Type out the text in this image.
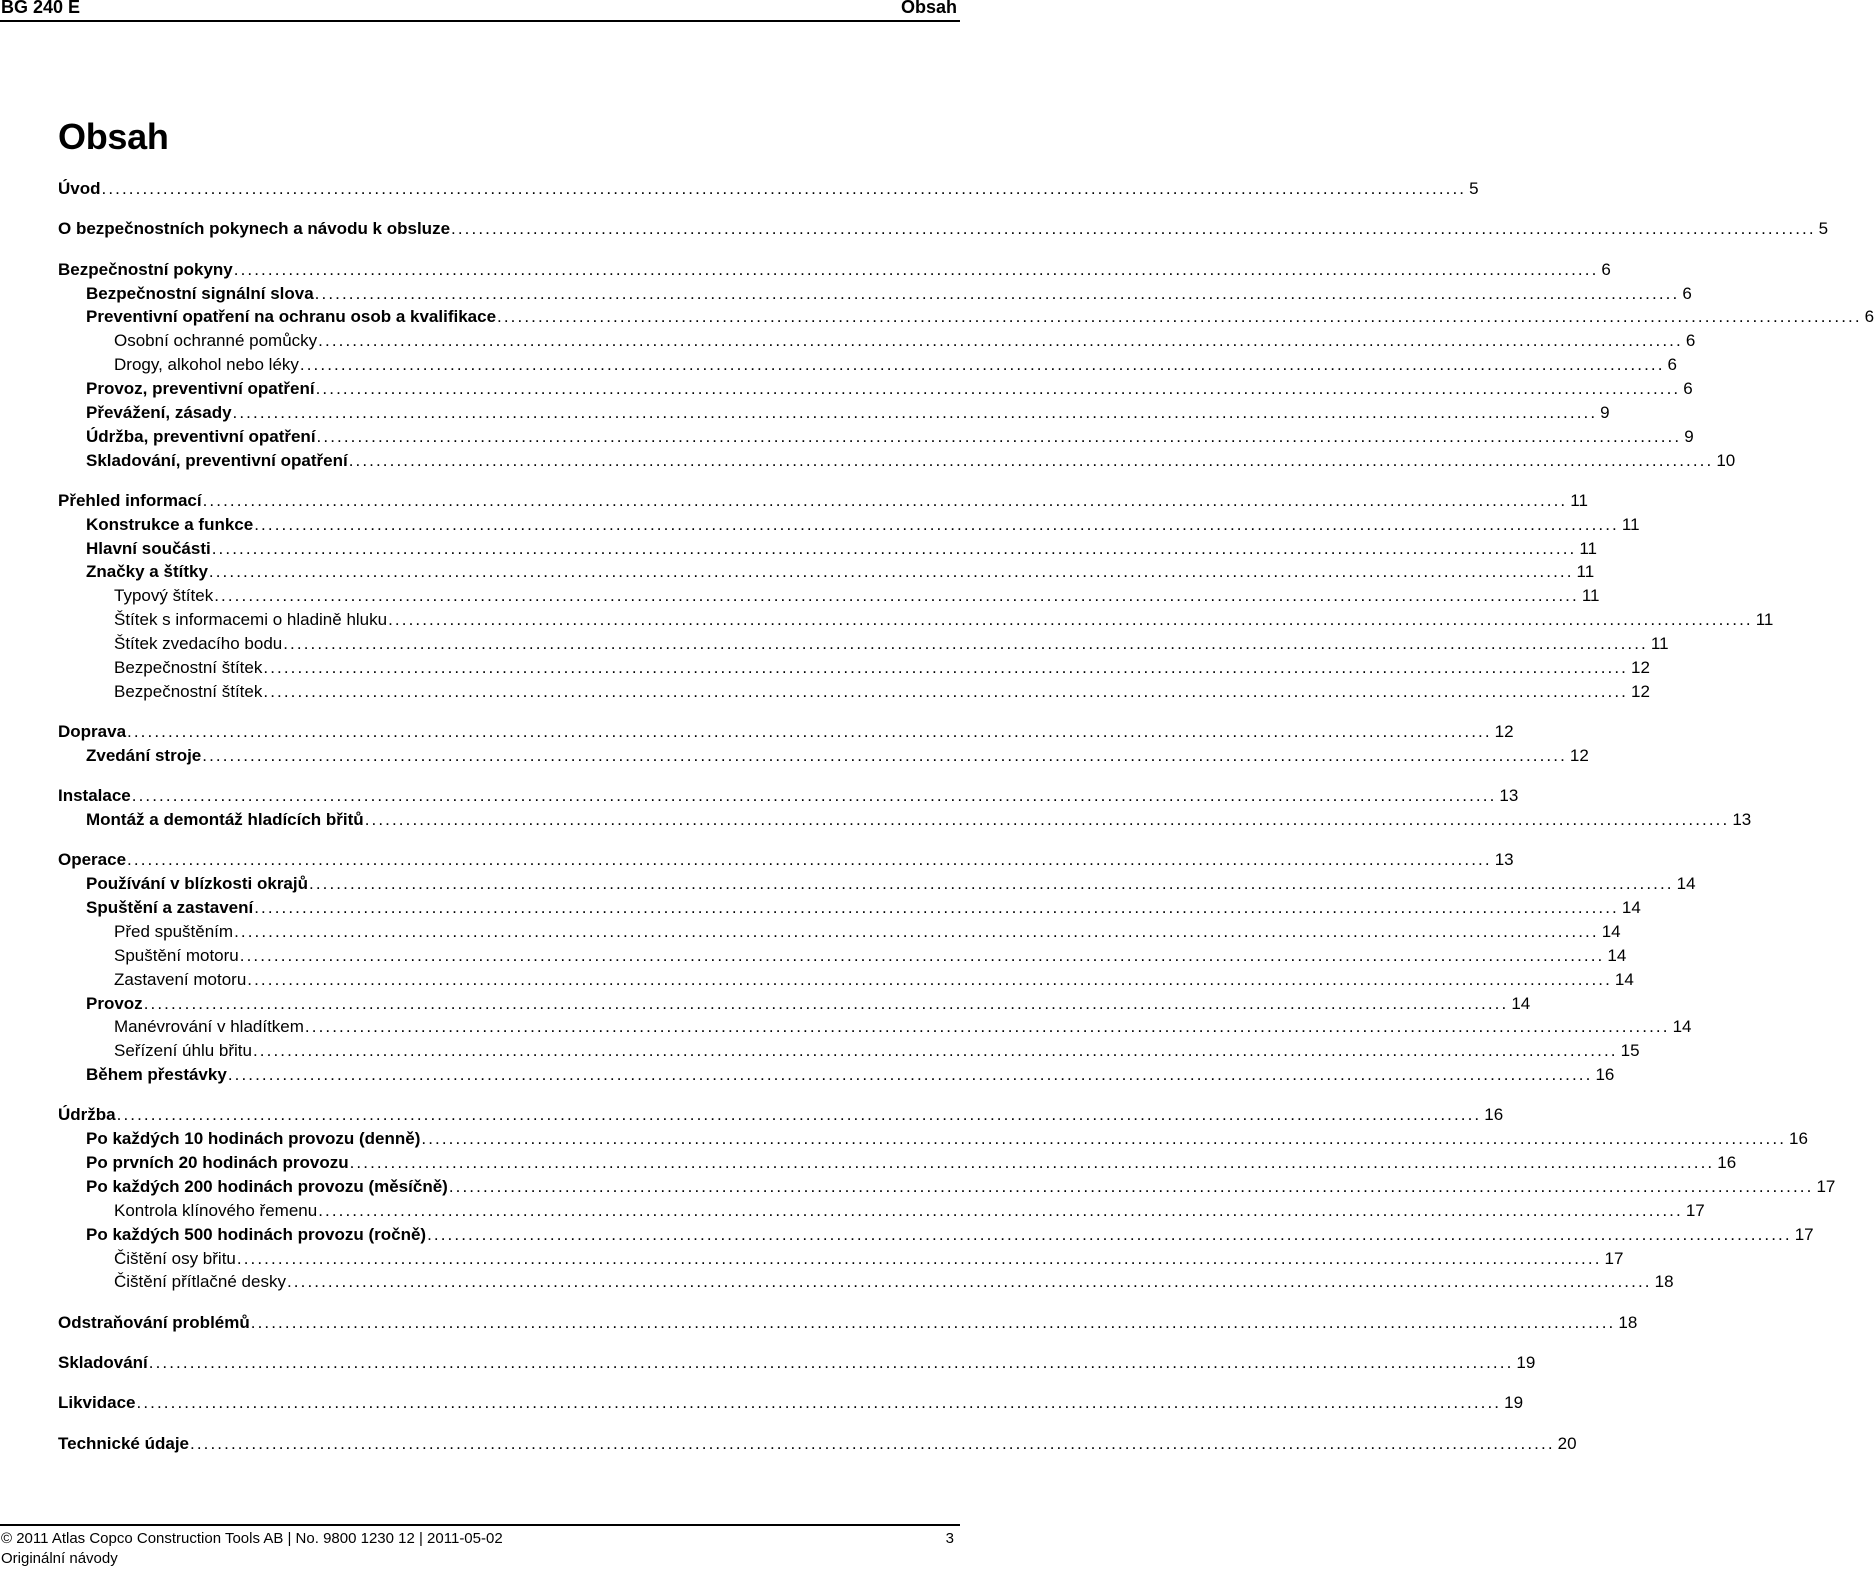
BG 240 E	Obsah
Obsah
Úvod ........................................................................................................................................................................................................ 5
O bezpečnostních pokynech a návodu k obsluze ........................................................................................................................................................................................................ 5
Bezpečnostní pokyny ........................................................................................................................................................................................................ 6
Bezpečnostní signální slova ........................................................................................................................................................................................................ 6
Preventivní opatření na ochranu osob a kvalifikace ........................................................................................................................................................................................................ 6
Osobní ochranné pomůcky ........................................................................................................................................................................................................ 6
Drogy, alkohol nebo léky ........................................................................................................................................................................................................ 6
Provoz, preventivní opatření ........................................................................................................................................................................................................ 6
Převážení, zásady ........................................................................................................................................................................................................ 9
Údržba, preventivní opatření ........................................................................................................................................................................................................ 9
Skladování, preventivní opatření ........................................................................................................................................................................................................ 10
Přehled informací ........................................................................................................................................................................................................ 11
Konstrukce a funkce ........................................................................................................................................................................................................ 11
Hlavní součásti ........................................................................................................................................................................................................ 11
Značky a štítky ........................................................................................................................................................................................................ 11
Typový štítek ........................................................................................................................................................................................................ 11
Štítek s informacemi o hladině hluku ........................................................................................................................................................................................................ 11
Štítek zvedacího bodu ........................................................................................................................................................................................................ 11
Bezpečnostní štítek ........................................................................................................................................................................................................ 12
Bezpečnostní štítek ........................................................................................................................................................................................................ 12
Doprava ........................................................................................................................................................................................................ 12
Zvedání stroje ........................................................................................................................................................................................................ 12
Instalace ........................................................................................................................................................................................................ 13
Montáž a demontáž hladících břitů ........................................................................................................................................................................................................ 13
Operace ........................................................................................................................................................................................................ 13
Používání v blízkosti okrajů ........................................................................................................................................................................................................ 14
Spuštění a zastavení ........................................................................................................................................................................................................ 14
Před spuštěním ........................................................................................................................................................................................................ 14
Spuštění motoru ........................................................................................................................................................................................................ 14
Zastavení motoru ........................................................................................................................................................................................................ 14
Provoz ........................................................................................................................................................................................................ 14
Manévrování v hladítkem ........................................................................................................................................................................................................ 14
Seřízení úhlu břitu ........................................................................................................................................................................................................ 15
Během přestávky ........................................................................................................................................................................................................ 16
Údržba ........................................................................................................................................................................................................ 16
Po každých 10 hodinách provozu (denně) ........................................................................................................................................................................................................ 16
Po prvních 20 hodinách provozu ........................................................................................................................................................................................................ 16
Po každých 200 hodinách provozu (měsíčně) ........................................................................................................................................................................................................ 17
Kontrola klínového řemenu ........................................................................................................................................................................................................ 17
Po každých 500 hodinách provozu (ročně) ........................................................................................................................................................................................................ 17
Čištění osy břitu ........................................................................................................................................................................................................ 17
Čištění přítlačné desky ........................................................................................................................................................................................................ 18
Odstraňování problémů ........................................................................................................................................................................................................ 18
Skladování ........................................................................................................................................................................................................ 19
Likvidace ........................................................................................................................................................................................................ 19
Technické údaje ........................................................................................................................................................................................................ 20
© 2011 Atlas Copco Construction Tools AB | No. 9800 1230 12 | 2011-05-02	3
Originální návody
